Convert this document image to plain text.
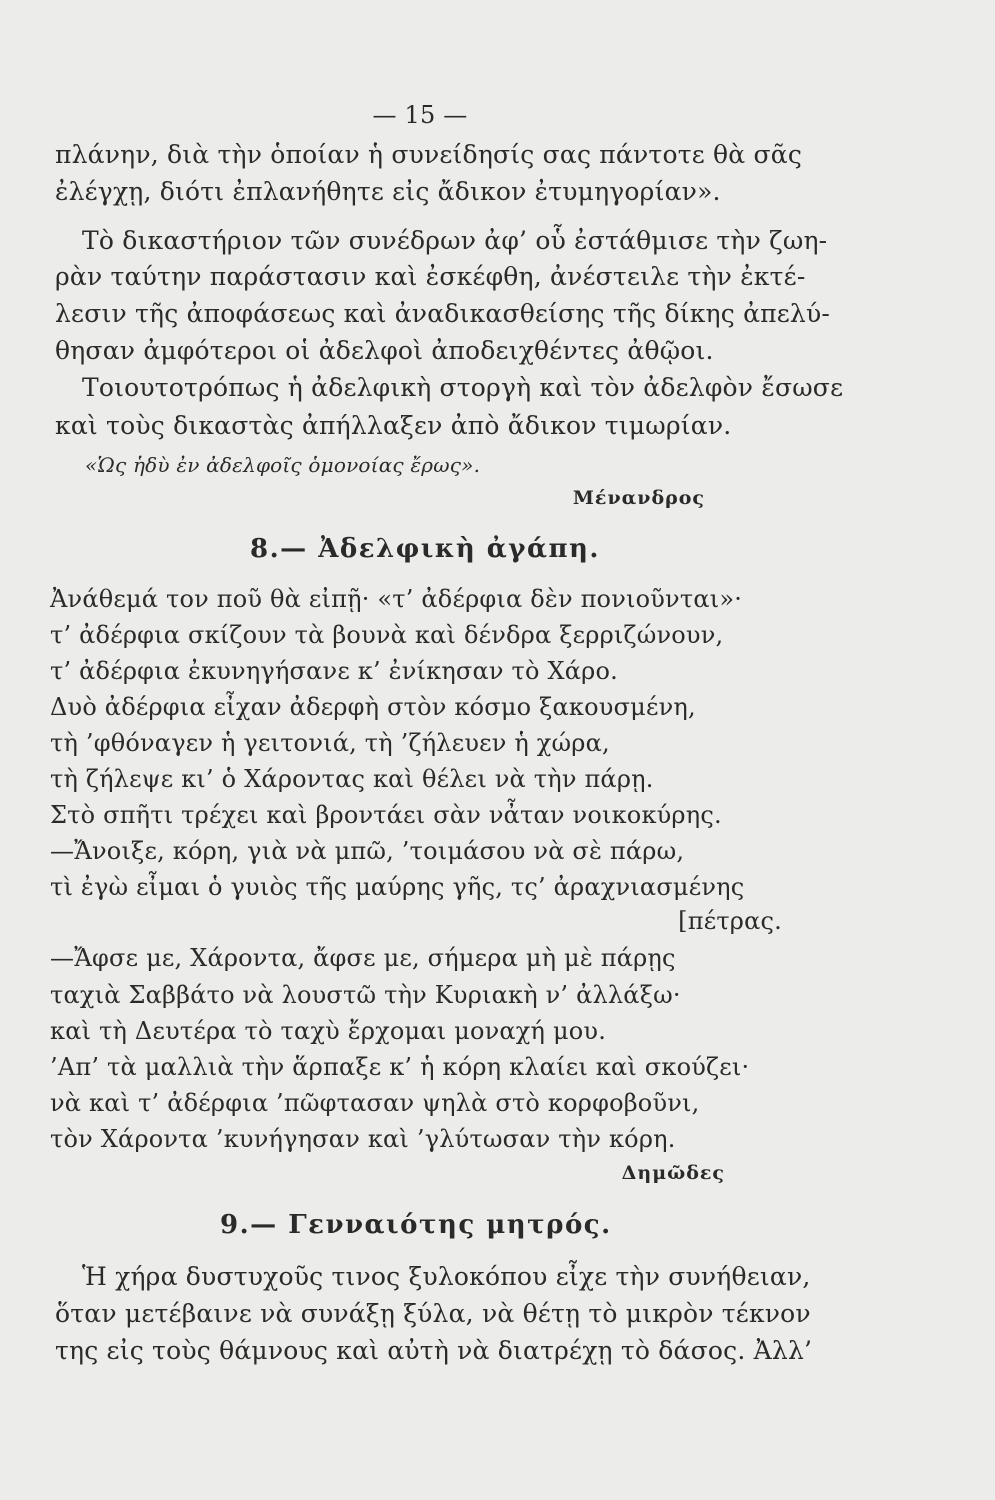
— 15 —
πλάνην, διὰ τὴν ὁποίαν ἡ συνείδησίς σας πάντοτε θὰ σᾶς
ἐλέγχῃ, διότι ἐπλανήθητε εἰς ἄδικον ἐτυμηγορίαν».
Τὸ δικαστήριον τῶν συνέδρων ἀφ’ οὗ ἐστάθμισε τὴν ζωη-
ρὰν ταύτην παράστασιν καὶ ἐσκέφθη, ἀνέστειλε τὴν ἐκτέ-
λεσιν τῆς ἀποφάσεως καὶ ἀναδικασθείσης τῆς δίκης ἀπελύ-
θησαν ἀμφότεροι οἱ ἀδελφοὶ ἀποδειχθέντες ἀθῷοι.
Τοιουτοτρόπως ἡ ἀδελφικὴ στοργὴ καὶ τὸν ἀδελφὸν ἔσωσε
καὶ τοὺς δικαστὰς ἀπήλλαξεν ἀπὸ ἄδικον τιμωρίαν.
«Ὡς ἡδὺ ἐν ἀδελφοῖς ὁμονοίας ἔρως».
Μένανδρος
8.— Ἀδελφικὴ ἀγάπη.
Ἀνάθεμά τον ποῦ θὰ εἰπῇ· «τ’ ἀδέρφια δὲν πονιοῦνται»·
τ’ ἀδέρφια σκίζουν τὰ βουνὰ καὶ δένδρα ξερριζώνουν,
τ’ ἀδέρφια ἐκυνηγήσανε κ’ ἐνίκησαν τὸ Χάρο.
Δυὸ ἀδέρφια εἶχαν ἀδερφὴ στὸν κόσμο ξακουσμένη,
τὴ ’φθόναγεν ἡ γειτονιά, τὴ ’ζήλευεν ἡ χώρα,
τὴ ζήλεψε κι’ ὁ Χάροντας καὶ θέλει νὰ τὴν πάρῃ.
Στὸ σπῆτι τρέχει καὶ βροντάει σὰν νἆταν νοικοκύρης.
—Ἄνοιξε, κόρη, γιὰ νὰ μπῶ, ’τοιμάσου νὰ σὲ πάρω,
τὶ ἐγὼ εἶμαι ὁ γυιὸς τῆς μαύρης γῆς, τς’ ἀραχνιασμένης
[πέτρας.
—Ἄφσε με, Χάροντα, ἄφσε με, σήμερα μὴ μὲ πάρῃς
ταχιὰ Σαββάτο νὰ λουστῶ τὴν Κυριακὴ ν’ ἀλλάξω·
καὶ τὴ Δευτέρα τὸ ταχὺ ἔρχομαι μοναχή μου.
’Απ’ τὰ μαλλιὰ τὴν ἅρπαξε κ’ ἡ κόρη κλαίει καὶ σκούζει·
νὰ καὶ τ’ ἀδέρφια ’πῶφτασαν ψηλὰ στὸ κορφοβοῦνι,
τὸν Χάροντα ’κυνήγησαν καὶ ’γλύτωσαν τὴν κόρη.
Δημῶδες
9.— Γενναιότης μητρός.
Ἡ χήρα δυστυχοῦς τινος ξυλοκόπου εἶχε τὴν συνήθειαν,
ὅταν μετέβαινε νὰ συνάξῃ ξύλα, νὰ θέτῃ τὸ μικρὸν τέκνον
της εἰς τοὺς θάμνους καὶ αὐτὴ νὰ διατρέχῃ τὸ δάσος. Ἀλλ’
